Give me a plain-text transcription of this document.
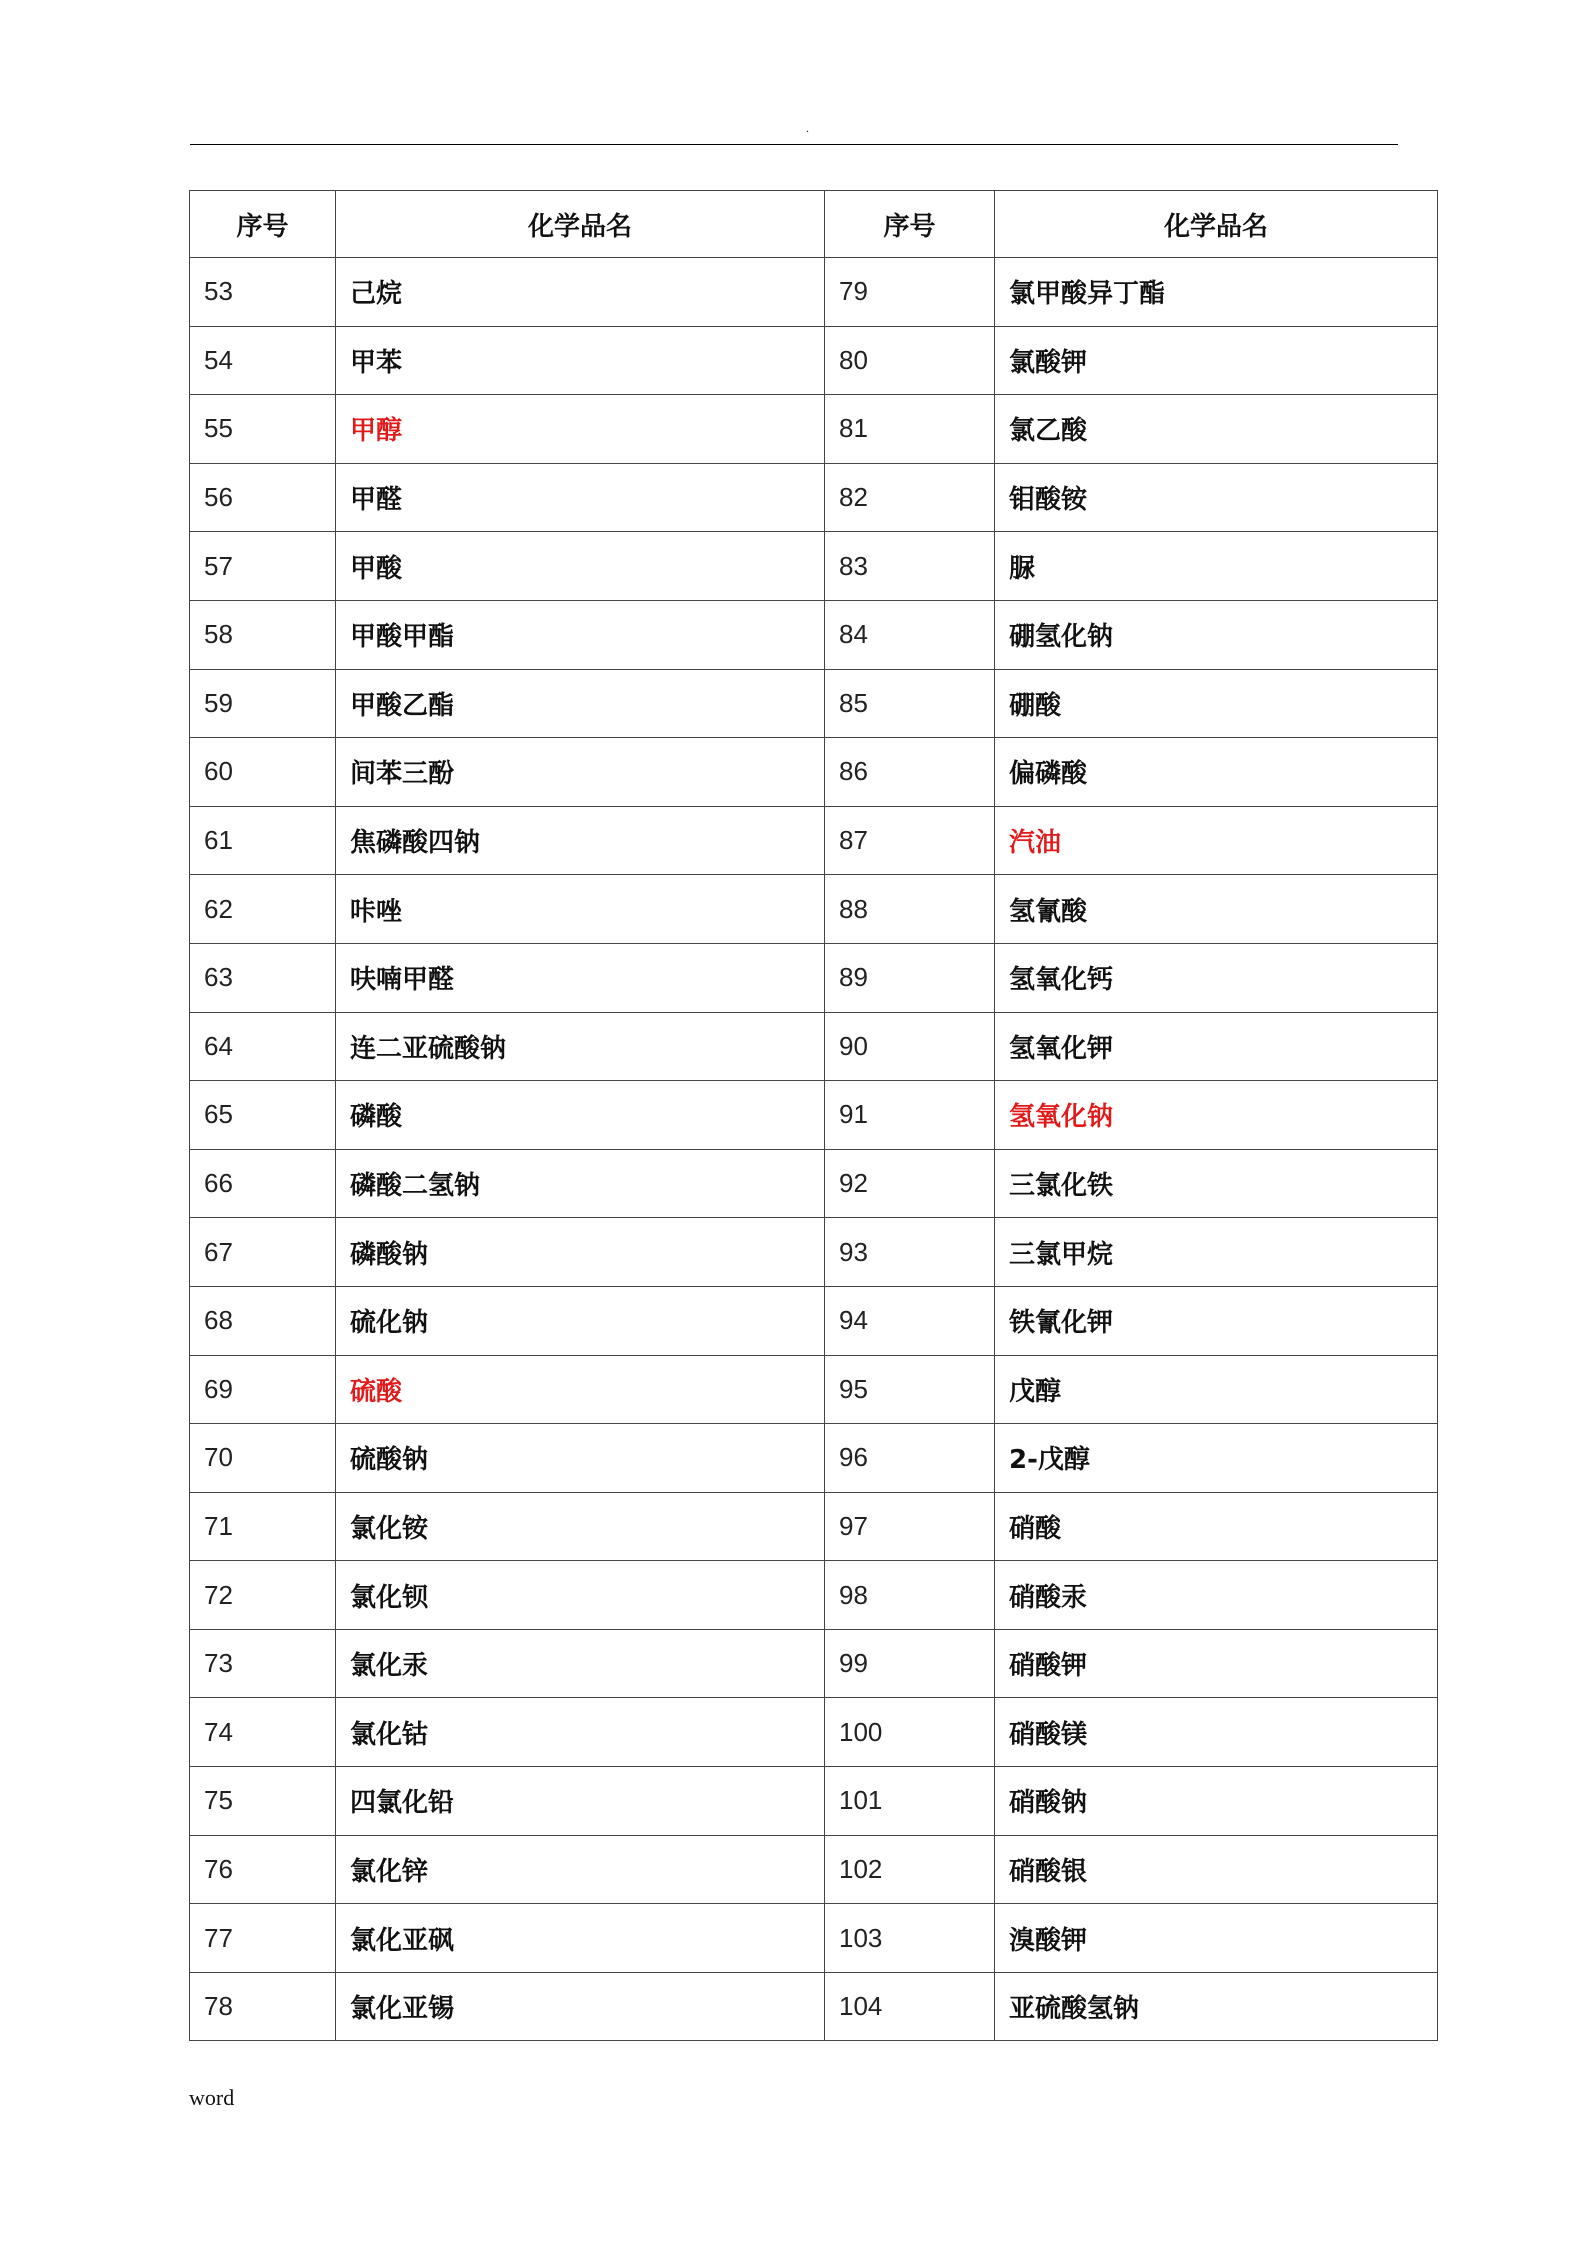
.
序号	化学品名	序号	化学品名
53	己烷	79	氯甲酸异丁酯
54	甲苯	80	氯酸钾
55	甲醇	81	氯乙酸
56	甲醛	82	钼酸铵
57	甲酸	83	脲
58	甲酸甲酯	84	硼氢化钠
59	甲酸乙酯	85	硼酸
60	间苯三酚	86	偏磷酸
61	焦磷酸四钠	87	汽油
62	咔唑	88	氢氰酸
63	呋喃甲醛	89	氢氧化钙
64	连二亚硫酸钠	90	氢氧化钾
65	磷酸	91	氢氧化钠
66	磷酸二氢钠	92	三氯化铁
67	磷酸钠	93	三氯甲烷
68	硫化钠	94	铁氰化钾
69	硫酸	95	戊醇
70	硫酸钠	96	2-戊醇
71	氯化铵	97	硝酸
72	氯化钡	98	硝酸汞
73	氯化汞	99	硝酸钾
74	氯化钴	100	硝酸镁
75	四氯化铅	101	硝酸钠
76	氯化锌	102	硝酸银
77	氯化亚砜	103	溴酸钾
78	氯化亚锡	104	亚硫酸氢钠
word
